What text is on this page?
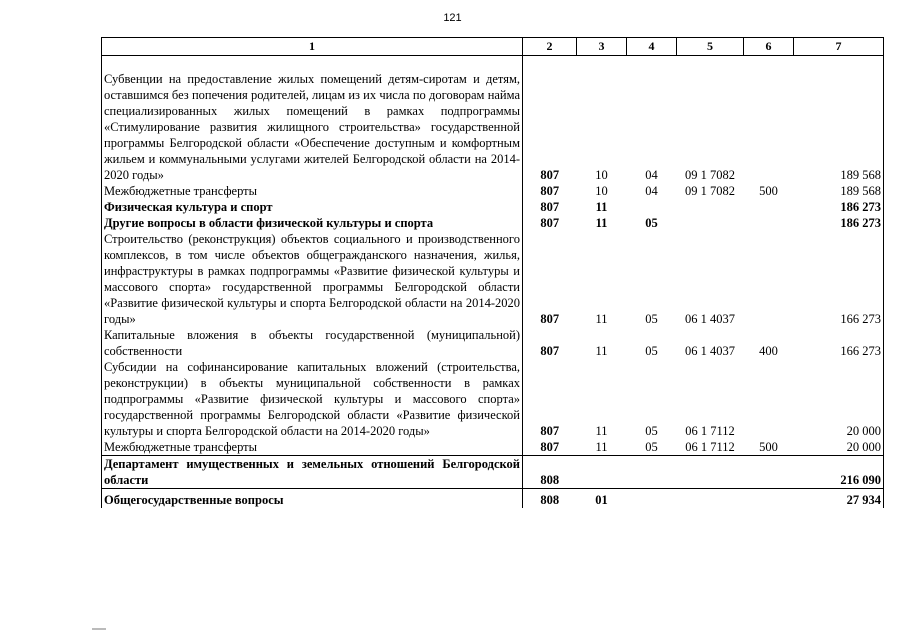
121
1	2	3	4	5	6	7

Субвенции на предоставление жилых помещений детям-сиротам и детям, оставшимся без попечения родителей, лицам из их числа по договорам найма специализированных жилых помещений в рамках подпрограммы «Стимулирование развития жилищного строительства» государственной программы Белгородской области «Обеспечение доступным и комфортным жильем и коммунальными услугами жителей Белгородской области на 2014-2020 годы»	807	10	04	09 1 7082		189 568
Межбюджетные трансферты	807	10	04	09 1 7082	500	189 568
Физическая культура и спорт	807	11				186 273
Другие вопросы в области физической культуры и спорта	807	11	05			186 273
Строительство (реконструкция) объектов социального и производственного комплексов, в том числе объектов общегражданского назначения, жилья, инфраструктуры в рамках подпрограммы «Развитие физической культуры и массового спорта» государственной программы Белгородской области «Развитие физической культуры и спорта Белгородской области на 2014-2020 годы»	807	11	05	06 1 4037		166 273
Капитальные вложения в объекты государственной (муниципальной) собственности	807	11	05	06 1 4037	400	166 273
Субсидии на софинансирование капитальных вложений (строительства, реконструкции) в объекты муниципальной собственности в рамках подпрограммы «Развитие физической культуры и массового спорта» государственной программы Белгородской области «Развитие физической культуры и спорта Белгородской области на 2014-2020 годы»	807	11	05	06 1 7112		20 000
Межбюджетные трансферты	807	11	05	06 1 7112	500	20 000
Департамент имущественных и земельных отношений Белгородской области	808					216 090
Общегосударственные вопросы	808	01				27 934
